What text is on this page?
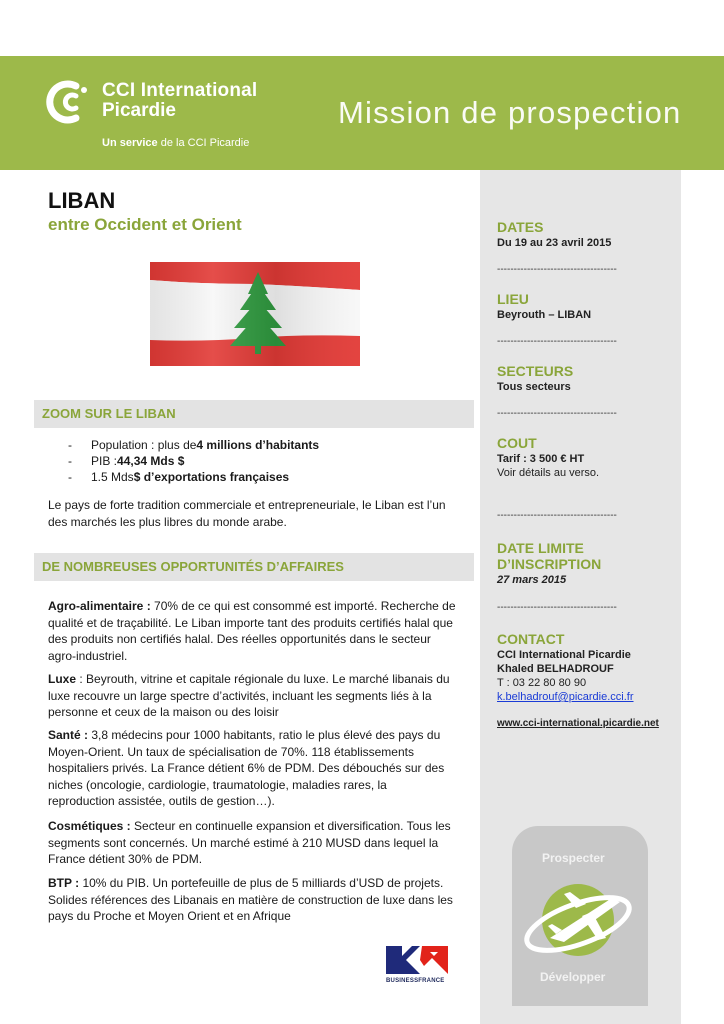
CCI International
Picardie
Un service de la CCI Picardie
Mission de prospection
DATES
Du 19 au 23 avril 2015
------------------------------------
LIEU
Beyrouth – LIBAN
------------------------------------
SECTEURS
Tous secteurs
------------------------------------
COUT
Tarif : 3 500 € HT
Voir détails au verso.
------------------------------------
DATE LIMITE
D’INSCRIPTION
27 mars 2015
------------------------------------
CONTACT
CCI International Picardie
Khaled BELHADROUF
T : 03 22 80 80 90
k.belhadrouf@picardie.cci.fr
www.cci-international.picardie.net
LIBAN
entre Occident et Orient
ZOOM SUR LE LIBAN
-	Population : plus de 4 millions d’habitants
-	PIB : 44,34 Mds $
-	1.5 Mds $ d’exportations françaises
Le pays de forte tradition commerciale et entrepreneuriale, le Liban est l’un
des marchés les plus libres du monde arabe.
DE NOMBREUSES OPPORTUNITÉS D’AFFAIRES
Agro-alimentaire : 70% de ce qui est consommé est importé. Recherche de
qualité et de traçabilité. Le Liban importe tant des produits certifiés halal que
des produits non certifiés halal. Des réelles opportunités dans le secteur
agro-industriel.
Luxe : Beyrouth, vitrine et capitale régionale du luxe. Le marché libanais du
luxe recouvre un large spectre d’activités, incluant les segments liés à la
personne et ceux de la maison ou des loisir
Santé : 3,8 médecins pour 1000 habitants, ratio le plus élevé des pays du
Moyen-Orient. Un taux de spécialisation de 70%. 118 établissements
hospitaliers privés. La France détient 6% de PDM. Des débouchés sur des
niches (oncologie, cardiologie, traumatologie, maladies rares, la
reproduction assistée, outils de gestion…).
Cosmétiques : Secteur en continuelle expansion et diversification. Tous les
segments sont concernés. Un marché estimé à 210 MUSD dans lequel la
France détient 30% de PDM.
BTP : 10% du PIB. Un portefeuille de plus de 5 milliards d’USD de projets.
Solides références des Libanais en matière de construction de luxe dans les
pays du Proche et Moyen Orient et en Afrique
BUSINESSFRANCE
Prospecter
Développer
